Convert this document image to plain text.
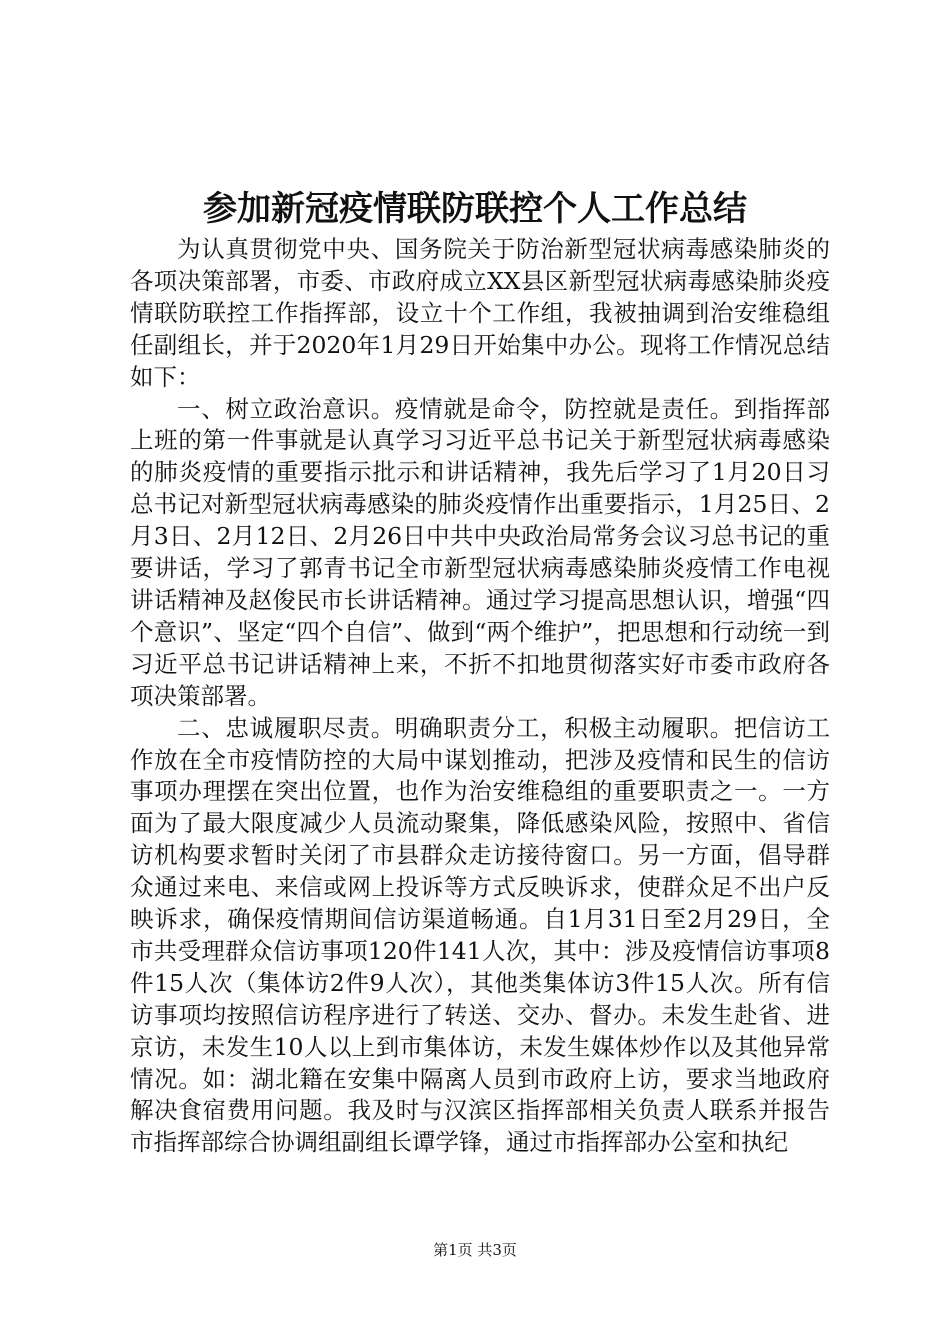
参加新冠疫情联防联控个人工作总结

为认真贯彻党中央、国务院关于防治新型冠状病毒感染肺炎的各项决策部署，市委、市政府成立XX县区新型冠状病毒感染肺炎疫情联防联控工作指挥部，设立十个工作组，我被抽调到治安维稳组任副组长，并于2020年1月29日开始集中办公。现将工作情况总结如下：

一、树立政治意识。疫情就是命令，防控就是责任。到指挥部上班的第一件事就是认真学习习近平总书记关于新型冠状病毒感染的肺炎疫情的重要指示批示和讲话精神，我先后学习了1月20日习总书记对新型冠状病毒感染的肺炎疫情作出重要指示，1月25日、2月3日、2月12日、2月26日中共中央政治局常务会议习总书记的重要讲话，学习了郭青书记全市新型冠状病毒感染肺炎疫情工作电视讲话精神及赵俊民市长讲话精神。通过学习提高思想认识，增强“四个意识”、坚定“四个自信”、做到“两个维护”，把思想和行动统一到习近平总书记讲话精神上来，不折不扣地贯彻落实好市委市政府各项决策部署。

二、忠诚履职尽责。明确职责分工，积极主动履职。把信访工作放在全市疫情防控的大局中谋划推动，把涉及疫情和民生的信访事项办理摆在突出位置，也作为治安维稳组的重要职责之一。一方面为了最大限度减少人员流动聚集，降低感染风险，按照中、省信访机构要求暂时关闭了市县群众走访接待窗口。另一方面，倡导群众通过来电、来信或网上投诉等方式反映诉求，使群众足不出户反映诉求，确保疫情期间信访渠道畅通。自1月31日至2月29日，全市共受理群众信访事项120件141人次，其中：涉及疫情信访事项8件15人次（集体访2件9人次），其他类集体访3件15人次。所有信访事项均按照信访程序进行了转送、交办、督办。未发生赴省、进京访，未发生10人以上到市集体访，未发生媒体炒作以及其他异常情况。如：湖北籍在安集中隔离人员到市政府上访，要求当地政府解决食宿费用问题。我及时与汉滨区指挥部相关负责人联系并报告市指挥部综合协调组副组长谭学锋，通过市指挥部办公室和执纪

第1页 共3页
